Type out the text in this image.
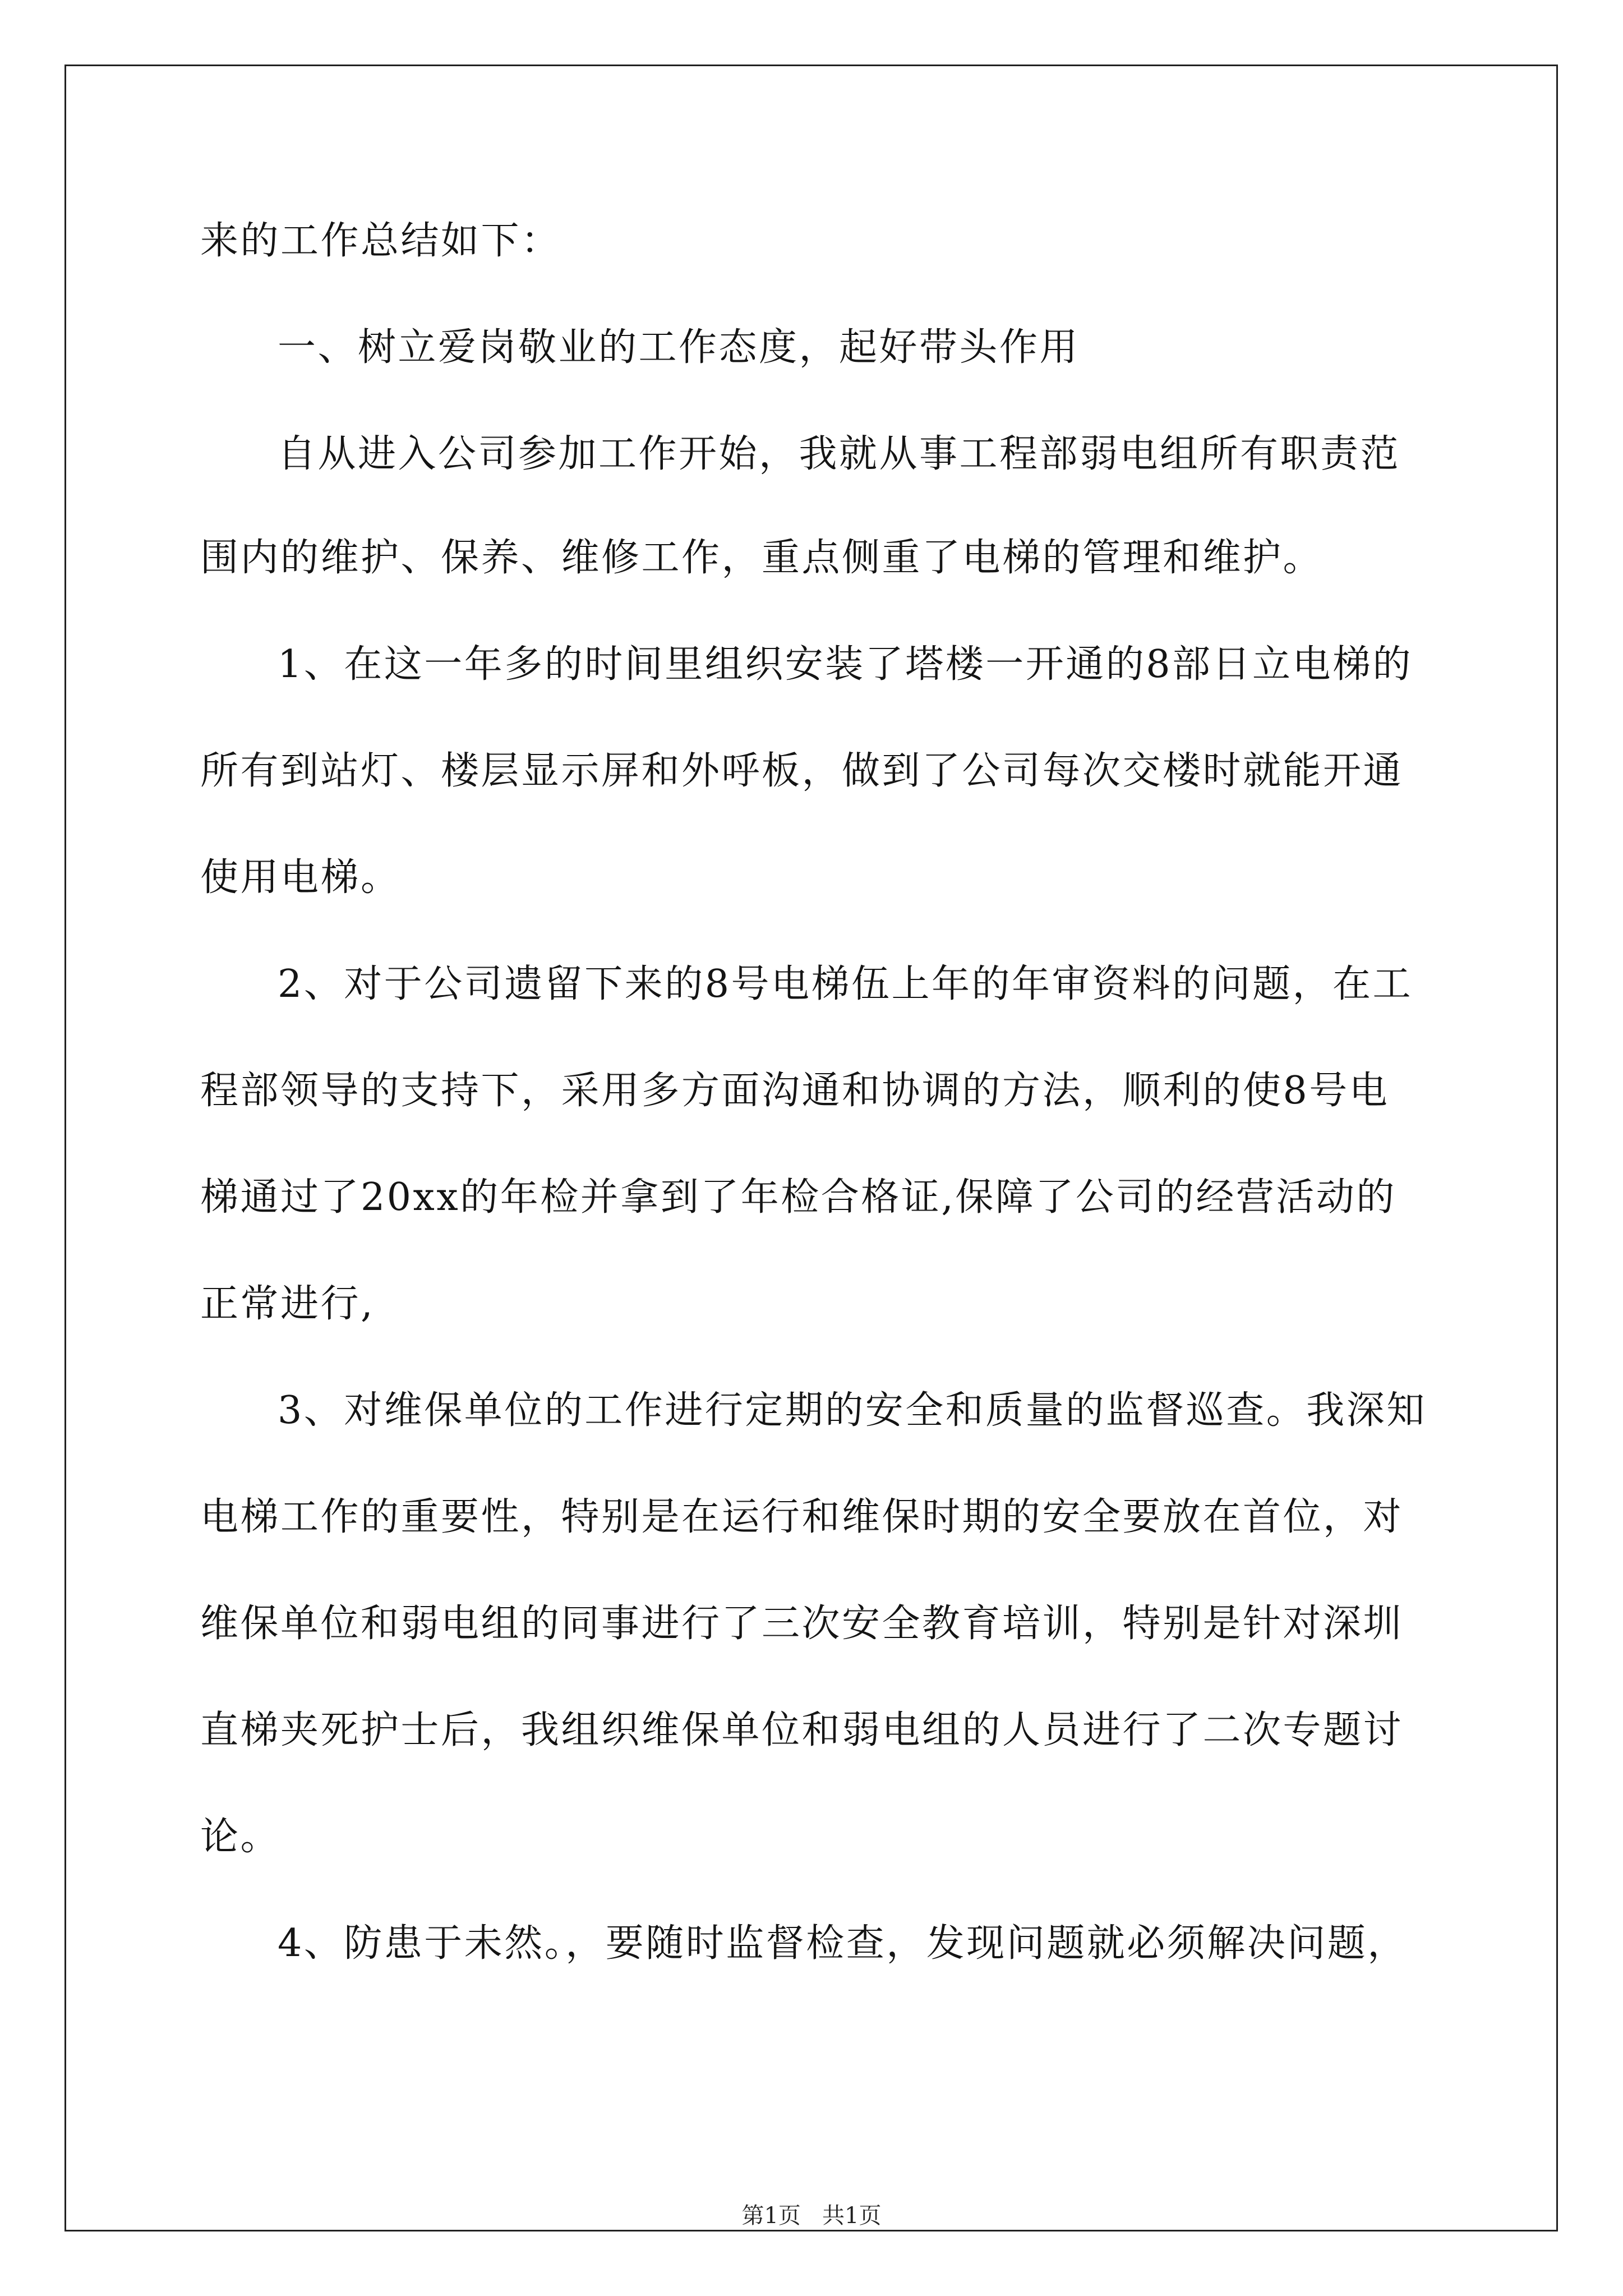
来的工作总结如下：

一、树立爱岗敬业的工作态度，起好带头作用

自从进入公司参加工作开始，我就从事工程部弱电组所有职责范

围内的维护、保养、维修工作，重点侧重了电梯的管理和维护。

1、在这一年多的时间里组织安装了塔楼一开通的8部日立电梯的

所有到站灯、楼层显示屏和外呼板，做到了公司每次交楼时就能开通

使用电梯。

2、对于公司遗留下来的8号电梯伍上年的年审资料的问题，在工

程部领导的支持下，采用多方面沟通和协调的方法，顺利的使8号电

梯通过了20xx的年检并拿到了年检合格证,保障了公司的经营活动的

正常进行,

3、对维保单位的工作进行定期的安全和质量的监督巡查。我深知

电梯工作的重要性，特别是在运行和维保时期的安全要放在首位，对

维保单位和弱电组的同事进行了三次安全教育培训，特别是针对深圳

直梯夹死护士后，我组织维保单位和弱电组的人员进行了二次专题讨

论。

4、防患于未然。，要随时监督检查，发现问题就必须解决问题，

第1页   共1页
